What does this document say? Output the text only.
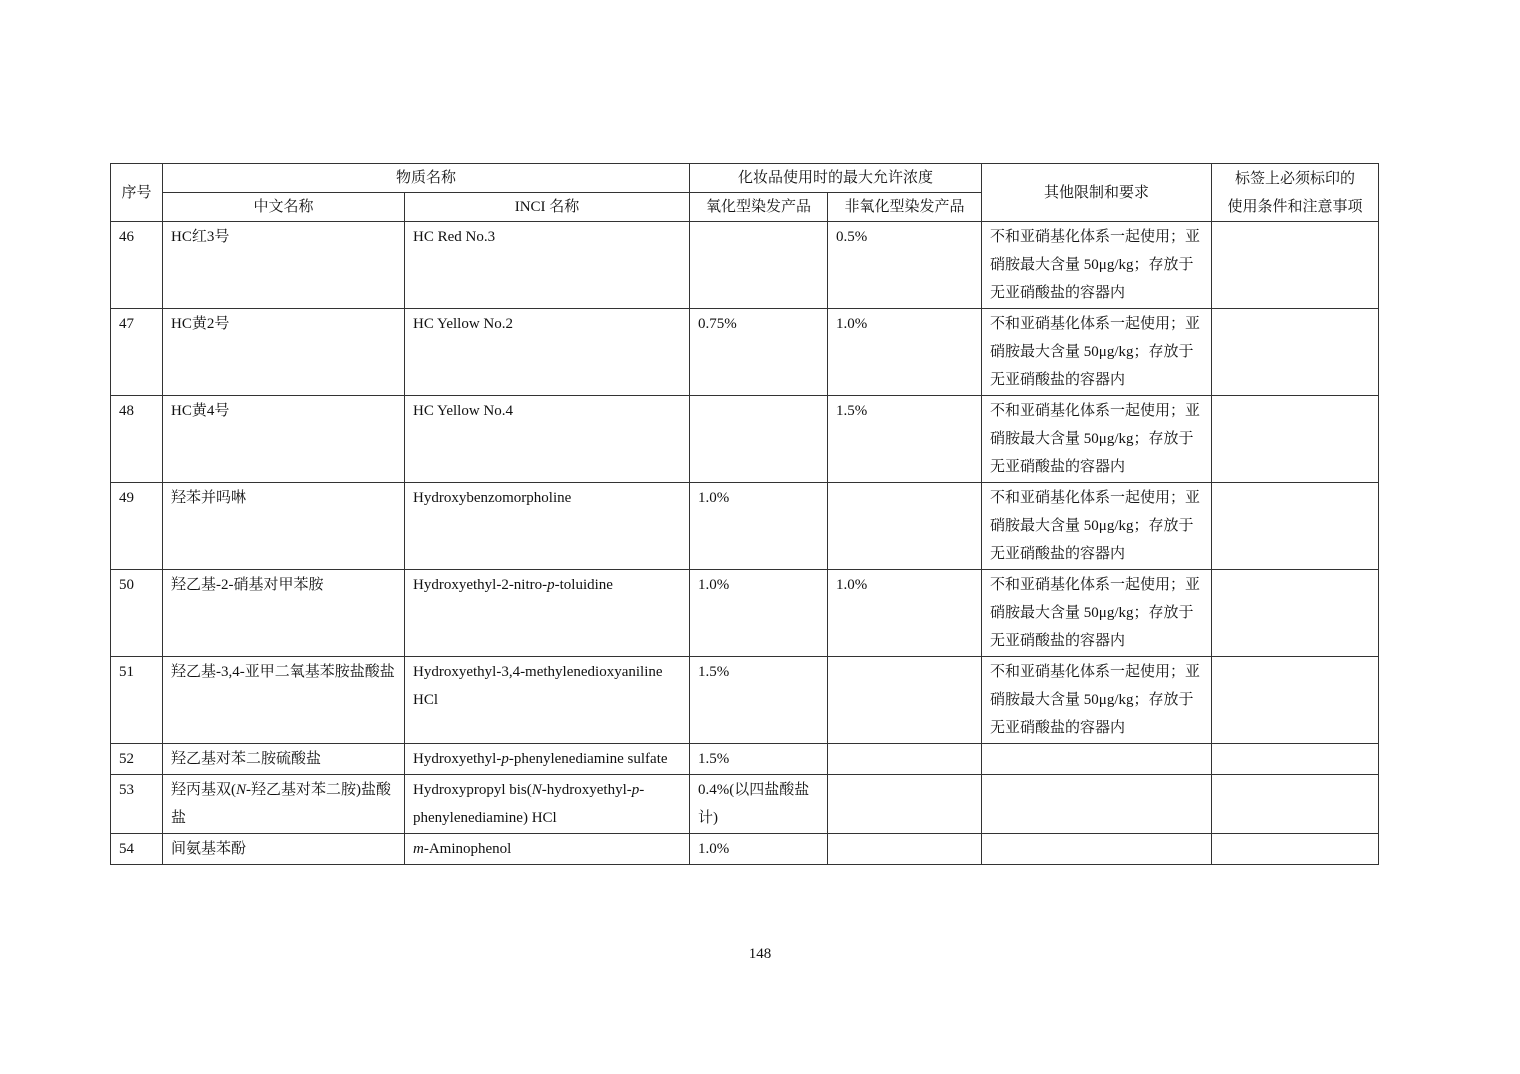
序号	物质名称		化妆品使用时的最大允许浓度		其他限制和要求	标签上必须标印的
使用条件和注意事项
	中文名称	INCI 名称	氧化型染发产品	非氧化型染发产品		
46	HC红3号	HC Red No.3		0.5%	不和亚硝基化体系一起使用；亚硝胺最大含量 50μg/kg；存放于无亚硝酸盐的容器内	
47	HC黄2号	HC Yellow No.2	0.75%	1.0%	不和亚硝基化体系一起使用；亚硝胺最大含量 50μg/kg；存放于无亚硝酸盐的容器内	
48	HC黄4号	HC Yellow No.4		1.5%	不和亚硝基化体系一起使用；亚硝胺最大含量 50μg/kg；存放于无亚硝酸盐的容器内	
49	羟苯并吗啉	Hydroxybenzomorpholine	1.0%		不和亚硝基化体系一起使用；亚硝胺最大含量 50μg/kg；存放于无亚硝酸盐的容器内	
50	羟乙基-2-硝基对甲苯胺	Hydroxyethyl-2-nitro-p-toluidine	1.0%	1.0%	不和亚硝基化体系一起使用；亚硝胺最大含量 50μg/kg；存放于无亚硝酸盐的容器内	
51	羟乙基-3,4-亚甲二氧基苯胺盐酸盐	Hydroxyethyl-3,4-methylenedioxyaniline HCl	1.5%		不和亚硝基化体系一起使用；亚硝胺最大含量 50μg/kg；存放于无亚硝酸盐的容器内	
52	羟乙基对苯二胺硫酸盐	Hydroxyethyl-p-phenylenediamine sulfate	1.5%			
53	羟丙基双(N-羟乙基对苯二胺)盐酸盐	Hydroxypropyl bis(N-hydroxyethyl-p-phenylenediamine) HCl	0.4%(以四盐酸盐计)			
54	间氨基苯酚	m-Aminophenol	1.0%			
148
